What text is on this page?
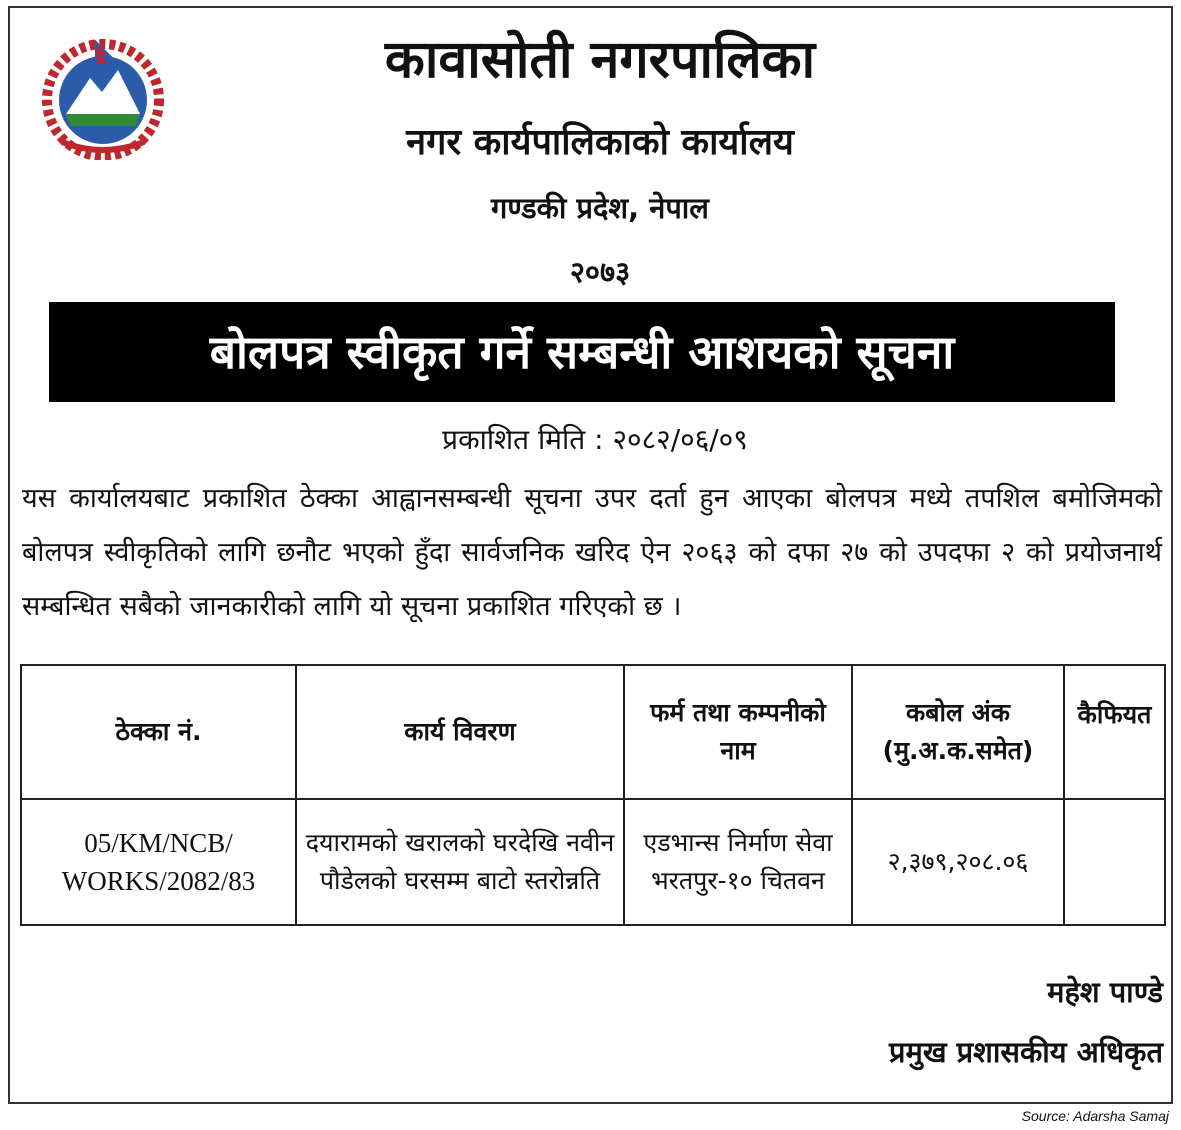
कावासोती नगरपालिका
नगर कार्यपालिकाको कार्यालय
गण्डकी प्रदेश, नेपाल
२०७३
बोलपत्र स्वीकृत गर्ने सम्बन्धी आशयको सूचना
प्रकाशित मिति : २०८२/०६/०९

यस कार्यालयबाट प्रकाशित ठेक्का आह्वानसम्बन्धी सूचना उपर दर्ता हुन आएका बोलपत्र मध्ये तपशिल बमोजिमको बोलपत्र स्वीकृतिको लागि छनौट भएको हुँदा सार्वजनिक खरिद ऐन २०६३ को दफा २७ को उपदफा २ को प्रयोजनार्थ सम्बन्धित सबैको जानकारीको लागि यो सूचना प्रकाशित गरिएको छ ।

ठेक्का नं.	कार्य विवरण	फर्म तथा कम्पनीको नाम	कबोल अंक (मु.अ.क.समेत)	कैफियत
05/KM/NCB/ WORKS/2082/83	दयारामको खरालको घरदेखि नवीन पौडेलको घरसम्म बाटो स्तरोन्नति	एडभान्स निर्माण सेवा भरतपुर-१० चितवन	२,३७९,२०८.०६	
महेश पाण्डे
प्रमुख प्रशासकीय अधिकृत
Source: Adarsha Samaj
